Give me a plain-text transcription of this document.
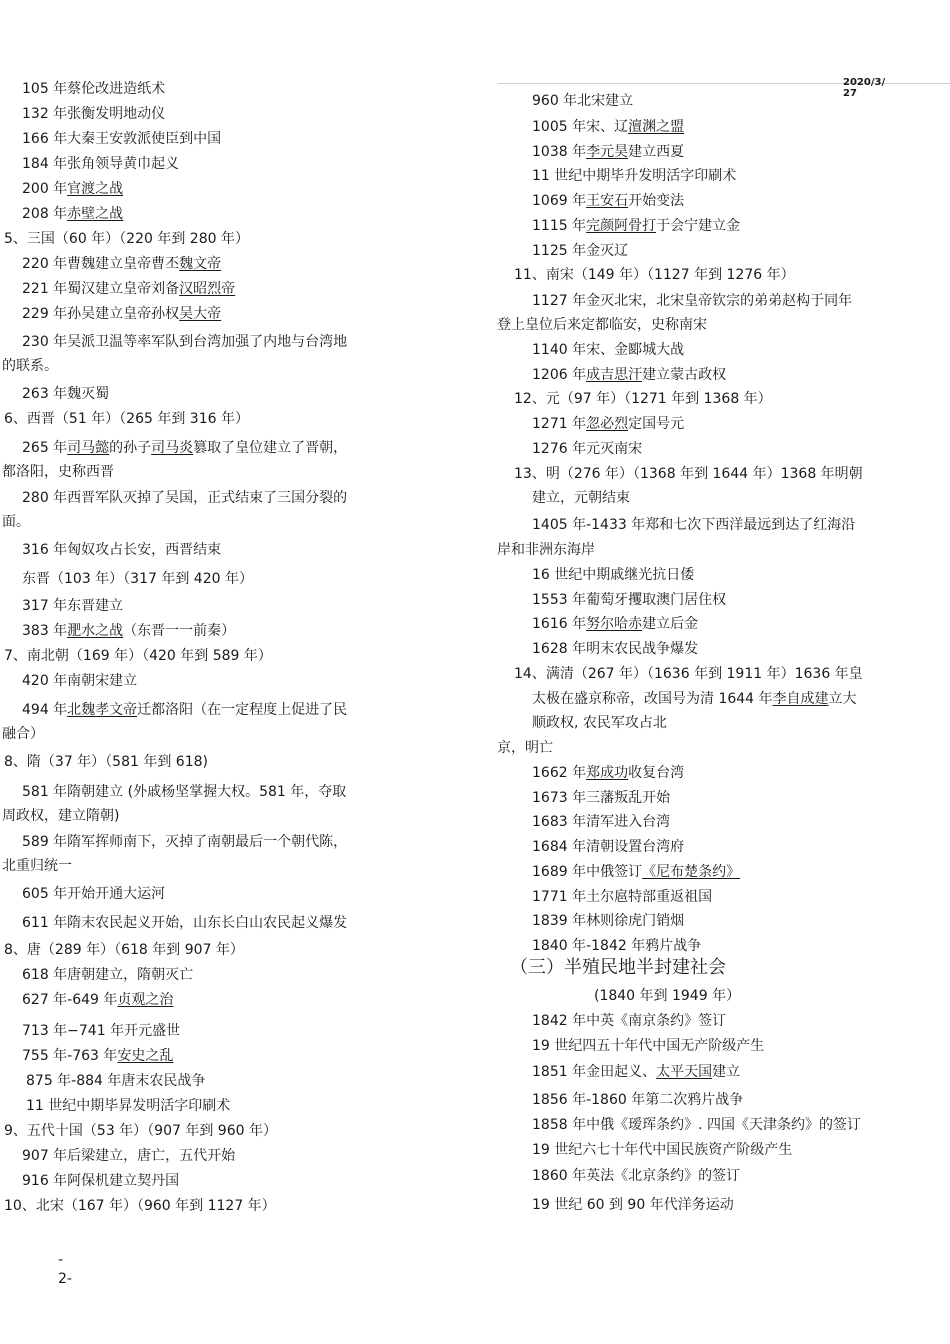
2020/3/27
105 年蔡伦改进造纸术
132 年张衡发明地动仪
166 年大秦王安敦派使臣到中国
184 年张角领导黄巾起义
200 年官渡之战
208 年赤壁之战
5、三国（60 年）（220 年到 280 年）
220 年曹魏建立皇帝曹丕魏文帝
221 年蜀汉建立皇帝刘备汉昭烈帝
229 年孙吴建立皇帝孙权吴大帝
230 年吴派卫温等率军队到台湾加强了内地与台湾地
的联系。
263 年魏灭蜀
6、西晋（51 年）（265 年到 316 年）
265 年司马懿的孙子司马炎篡取了皇位建立了晋朝，
都洛阳，史称西晋
280 年西晋军队灭掉了吴国，正式结束了三国分裂的
面。
316 年匈奴攻占长安，西晋结束
东晋（103 年）（317 年到 420 年）
317 年东晋建立
383 年淝水之战（东晋一一前秦）
7、南北朝（169 年）（420 年到 589 年）
420 年南朝宋建立
494 年北魏孝文帝迁都洛阳（在一定程度上促进了民
融合）
8、隋（37 年）（581 年到 618)
581 年隋朝建立 (外戚杨坚掌握大权。581 年，夺取
周政权，建立隋朝)
589 年隋军挥师南下，灭掉了南朝最后一个朝代陈，
北重归统一
605 年开始开通大运河
611 年隋末农民起义开始，山东长白山农民起义爆发
8、唐（289 年）（618 年到 907 年）
618 年唐朝建立，隋朝灭亡
627 年-649 年贞观之治
713 年−741 年开元盛世
755 年-763 年安史之乱
875 年-884 年唐末农民战争
11 世纪中期毕昇发明活字印刷术
9、五代十国（53 年）（907 年到 960 年）
907 年后梁建立，唐亡，五代开始
916 年阿保机建立契丹国
10、北宋（167 年）（960 年到 1127 年）
960 年北宋建立
1005 年宋、辽澶渊之盟
1038 年李元昊建立西夏
11 世纪中期毕升发明活字印刷术
1069 年王安石开始变法
1115 年完颜阿骨打于会宁建立金
1125 年金灭辽
11、南宋（149 年）（1127 年到 1276 年）
1127 年金灭北宋，北宋皇帝钦宗的弟弟赵构于同年
登上皇位后来定都临安，史称南宋
1140 年宋、金郾城大战
1206 年成吉思汗建立蒙古政权
12、元（97 年）（1271 年到 1368 年）
1271 年忽必烈定国号元
1276 年元灭南宋
13、明（276 年）（1368 年到 1644 年）1368 年明朝
建立，元朝结束
1405 年-1433 年郑和七次下西洋最远到达了红海沿
岸和非洲东海岸
16 世纪中期戚继光抗日倭
1553 年葡萄牙攫取澳门居住权
1616 年努尔哈赤建立后金
1628 年明末农民战争爆发
14、满清（267 年）（1636 年到 1911 年）1636 年皇
太极在盛京称帝，改国号为清 1644 年李自成建立大
顺政权, 农民军攻占北
京，明亡
1662 年郑成功收复台湾
1673 年三藩叛乱开始
1683 年清军进入台湾
1684 年清朝设置台湾府
1689 年中俄签订《尼布楚条约》
1771 年土尔扈特部重返祖国
1839 年林则徐虎门销烟
1840 年-1842 年鸦片战争
（三）半殖民地半封建社会
(1840 年到 1949 年）
1842 年中英《南京条约》签订
19 世纪四五十年代中国无产阶级产生
1851 年金田起义、太平天国建立
1856 年-1860 年第二次鸦片战争
1858 年中俄《瑷珲条约》. 四国《天津条约》的签订
19 世纪六七十年代中国民族资产阶级产生
1860 年英法《北京条约》的签订
19 世纪 60 到 90 年代洋务运动
-
2-
